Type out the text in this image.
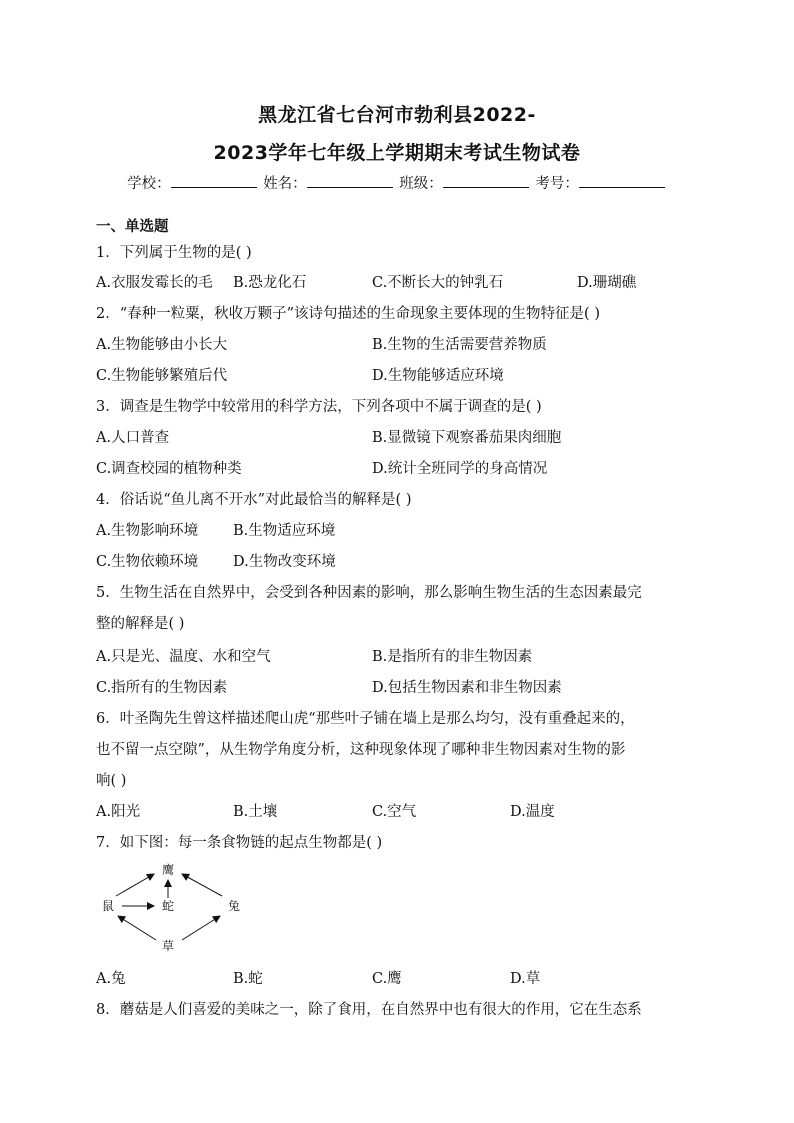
黑龙江省七台河市勃利县2022-
2023学年七年级上学期期末考试生物试卷
学校：	姓名：	班级：	考号：
一、单选题
1．下列属于生物的是( )
A.衣服发霉长的毛 B.恐龙化石	C.不断长大的钟乳石	D.珊瑚礁
2．“春种一粒粟，秋收万颗子”该诗句描述的生命现象主要体现的生物特征是( )
A.生物能够由小长大	B.生物的生活需要营养物质
C.生物能够繁殖后代	D.生物能够适应环境
3．调查是生物学中较常用的科学方法，下列各项中不属于调查的是( )
A.人口普查	B.显微镜下观察番茄果肉细胞
C.调查校园的植物种类	D.统计全班同学的身高情况
4．俗话说“鱼儿离不开水”对此最恰当的解释是( )
A.生物影响环境 B.生物适应环境
C.生物依赖环境 D.生物改变环境
5．生物生活在自然界中，会受到各种因素的影响，那么影响生物生活的生态因素最完
整的解释是( )
A.只是光、温度、水和空气	B.是指所有的非生物因素
C.指所有的生物因素	D.包括生物因素和非生物因素
6．叶圣陶先生曾这样描述爬山虎“那些叶子铺在墙上是那么均匀，没有重叠起来的，
也不留一点空隙”，从生物学角度分析，这种现象体现了哪种非生物因素对生物的影
响( )
A.阳光	B.土壤	C.空气	D.温度
7．如下图：每一条食物链的起点生物都是( )
鹰
鼠	蛇	兔
草
A.兔	B.蛇	C.鹰	D.草
8．蘑菇是人们喜爱的美味之一，除了食用，在自然界中也有很大的作用，它在生态系
